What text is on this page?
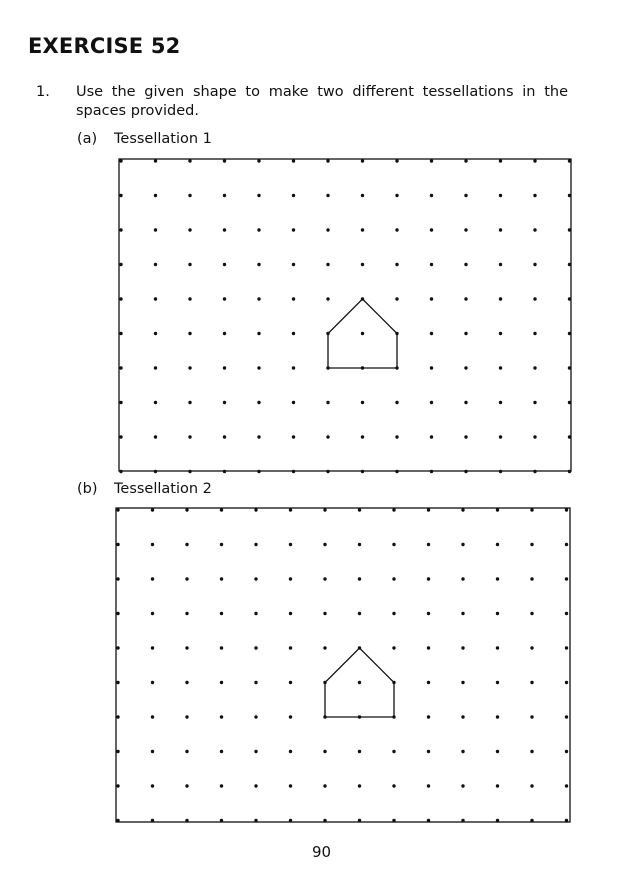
EXERCISE 52
1. Use the given shape to make two different tessellations in the spaces provided.

(a) Tessellation 1
(b) Tessellation 2
90
